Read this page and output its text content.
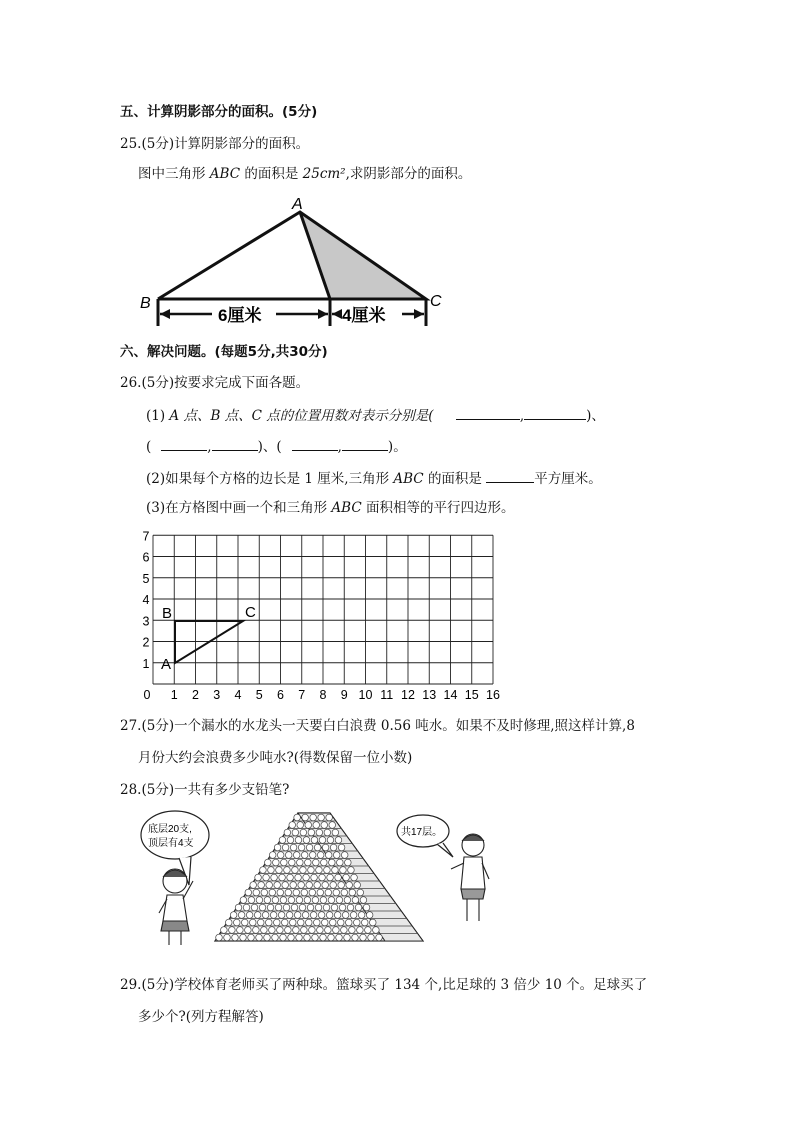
五、计算阴影部分的面积。(5分)
25.(5分)计算阴影部分的面积。
图中三角形 ABC 的面积是 25cm²,求阴影部分的面积。
A
B	C
6厘米	4厘米
六、解决问题。(每题5分,共30分)
26.(5分)按要求完成下面各题。
(1) A 点、B 点、C 点的位置用数对表示分别是(	,	)、
(	,	)、(	,	)。
(2)如果每个方格的边长是 1 厘米,三角形 ABC 的面积是	平方厘米。
(3)在方格图中画一个和三角形 ABC 面积相等的平行四边形。
0 1 2 3 4 5 6 7 8 9 10 11 12 13 14 15 16
1
2
3
4
5
6
7
A
B	C
27.(5分)一个漏水的水龙头一天要白白浪费 0.56 吨水。如果不及时修理,照这样计算,8
月份大约会浪费多少吨水?(得数保留一位小数)
28.(5分)一共有多少支铅笔?
底层20支,
顶层有4支
共17层。
29.(5分)学校体育老师买了两种球。篮球买了 134 个,比足球的 3 倍少 10 个。足球买了
多少个?(列方程解答)
